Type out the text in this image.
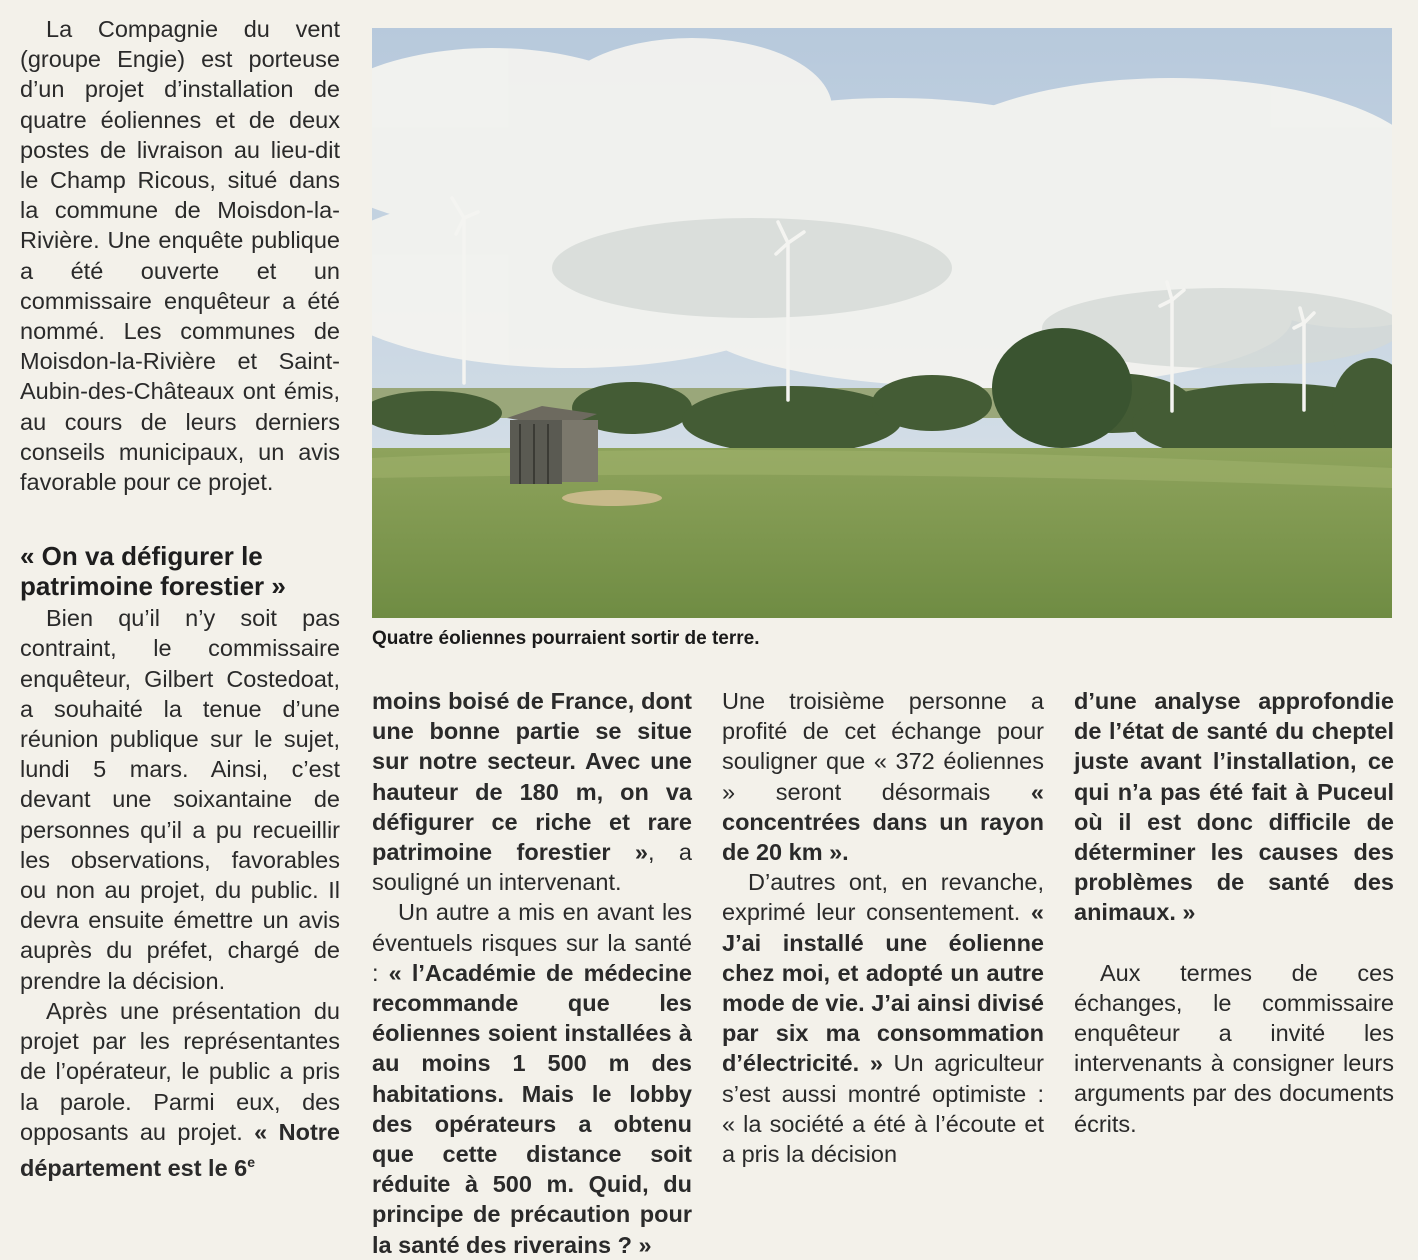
La Compagnie du vent (groupe Engie) est porteuse d’un projet d’installation de quatre éoliennes et de deux postes de livraison au lieu-dit le Champ Ricous, situé dans la commune de Moisdon-la-Rivière. Une enquête publique a été ouverte et un commissaire enquêteur a été nommé. Les communes de Moisdon-la-Rivière et Saint-Aubin-des-Châteaux ont émis, au cours de leurs derniers conseils municipaux, un avis favorable pour ce projet.

« On va défigurer le patrimoine forestier »

Bien qu’il n’y soit pas contraint, le commissaire enquêteur, Gilbert Costedoat, a souhaité la tenue d’une réunion publique sur le sujet, lundi 5 mars. Ainsi, c’est devant une soixantaine de personnes qu’il a pu recueillir les observations, favorables ou non au projet, du public. Il devra ensuite émettre un avis auprès du préfet, chargé de prendre la décision.

Après une présentation du projet par les représentantes de l’opérateur, le public a pris la parole. Parmi eux, des opposants au projet. « Notre département est le 6e

Quatre éoliennes pourraient sortir de terre.

moins boisé de France, dont une bonne partie se situe sur notre secteur. Avec une hauteur de 180 m, on va défigurer ce riche et rare patrimoine forestier », a souligné un intervenant.

Un autre a mis en avant les éventuels risques sur la santé : « l’Académie de médecine recommande que les éoliennes soient installées à au moins 1 500 m des habitations. Mais le lobby des opérateurs a obtenu que cette distance soit réduite à 500 m. Quid, du principe de précaution pour la santé des riverains ? »

Une troisième personne a profité de cet échange pour souligner que « 372 éoliennes » seront désormais « concentrées dans un rayon de 20 km ».

D’autres ont, en revanche, exprimé leur consentement. « J’ai installé une éolienne chez moi, et adopté un autre mode de vie. J’ai ainsi divisé par six ma consommation d’électricité. » Un agriculteur s’est aussi montré optimiste : « la société a été à l’écoute et a pris la décision

d’une analyse approfondie de l’état de santé du cheptel juste avant l’installation, ce qui n’a pas été fait à Puceul où il est donc difficile de déterminer les causes des problèmes de santé des animaux. »

Aux termes de ces échanges, le commissaire enquêteur a invité les intervenants à consigner leurs arguments par des documents écrits.
